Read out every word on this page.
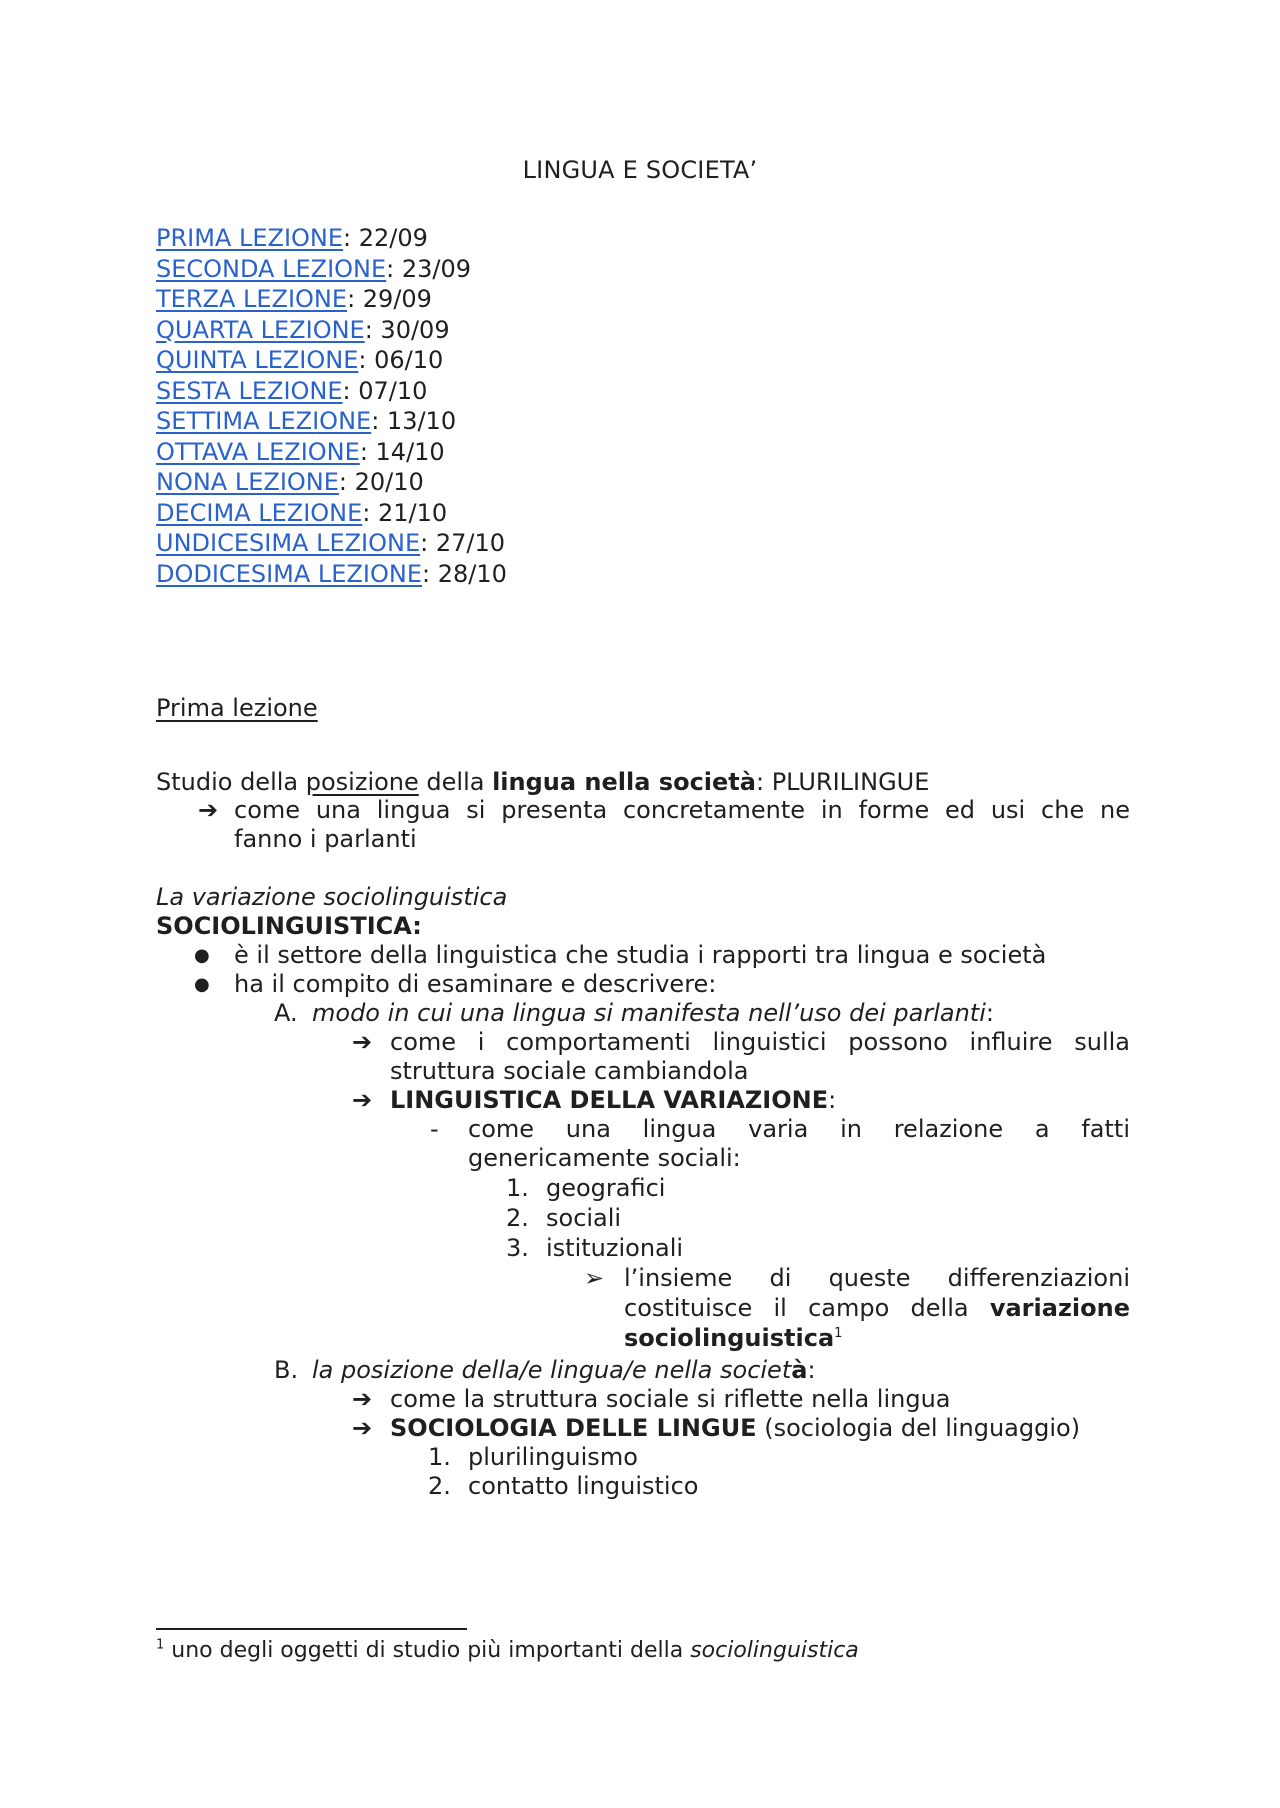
LINGUA E SOCIETA’
PRIMA LEZIONE: 22/09
SECONDA LEZIONE: 23/09
TERZA LEZIONE: 29/09
QUARTA LEZIONE: 30/09
QUINTA LEZIONE: 06/10
SESTA LEZIONE: 07/10
SETTIMA LEZIONE: 13/10
OTTAVA LEZIONE: 14/10
NONA LEZIONE: 20/10
DECIMA LEZIONE: 21/10
UNDICESIMA LEZIONE: 27/10
DODICESIMA LEZIONE: 28/10
Prima lezione
Studio della posizione della lingua nella società: PLURILINGUE
➔ come una lingua si presenta concretamente in forme ed usi che ne
fanno i parlanti
La variazione sociolinguistica
SOCIOLINGUISTICA:
● è il settore della linguistica che studia i rapporti tra lingua e società
● ha il compito di esaminare e descrivere:
A. modo in cui una lingua si manifesta nell’uso dei parlanti:
➔ come i comportamenti linguistici possono influire sulla
struttura sociale cambiandola
➔ LINGUISTICA DELLA VARIAZIONE:
- come una lingua varia in relazione a fatti
genericamente sociali:
1. geografici
2. sociali
3. istituzionali
➢ l’insieme di queste differenziazioni
costituisce il campo della variazione
sociolinguistica$^1$
B. la posizione della/e lingua/e nella società:
➔ come la struttura sociale si riflette nella lingua
➔ SOCIOLOGIA DELLE LINGUE (sociologia del linguaggio)
1. plurilinguismo
2. contatto linguistico
$^1$ uno degli oggetti di studio più importanti della sociolinguistica
